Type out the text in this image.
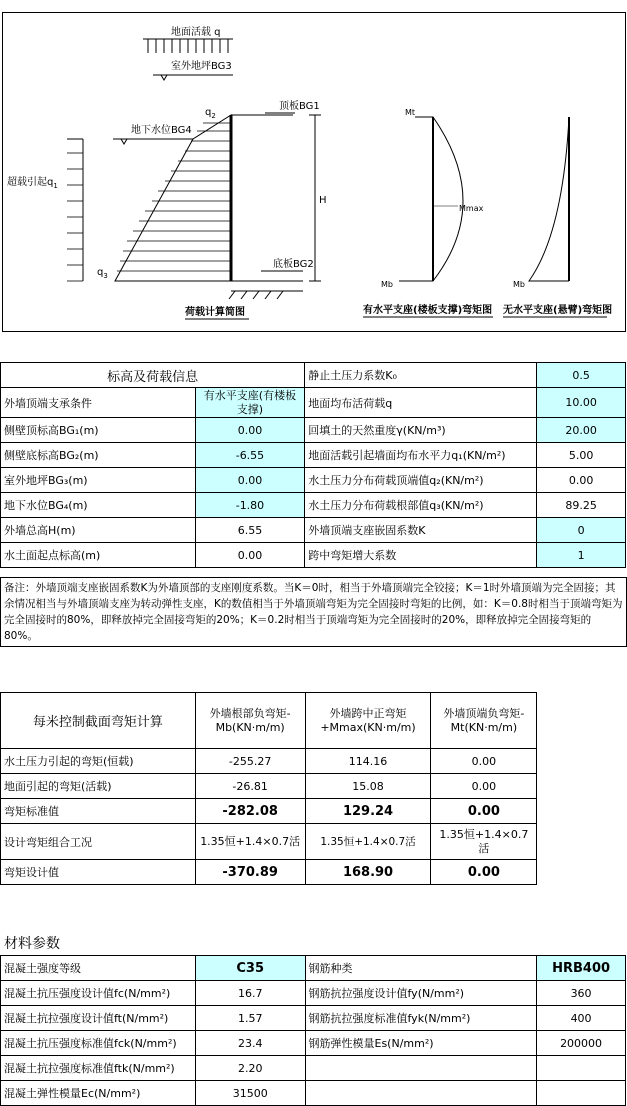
地面活载 q
室外地坪BG3
$q_2$
顶板BG1
地下水位BG4
超载引起$q_1$
$q_3$
H
底板BG2
荷载计算简图
Mt
Mmax
Mb
有水平支座(楼板支撑)弯矩图
Mb
无水平支座(悬臂)弯矩图
标高及荷载信息		静止土压力系数K₀	0.5
外墙顶端支承条件	有水平支座(有楼板支撑)	地面均布活荷载q	10.00
侧壁顶标高BG₁(m)	0.00	回填土的天然重度γ(KN/m³)	20.00
侧壁底标高BG₂(m)	-6.55	地面活载引起墙面均布水平力q₁(KN/m²)	5.00
室外地坪BG₃(m)	0.00	水土压力分布荷载顶端值q₂(KN/m²)	0.00
地下水位BG₄(m)	-1.80	水土压力分布荷载根部值q₃(KN/m²)	89.25
外墙总高H(m)	6.55	外墙顶端支座嵌固系数K	0
水土面起点标高(m)	0.00	跨中弯矩增大系数	1
备注：外墙顶端支座嵌固系数K为外墙顶部的支座刚度系数。当K＝0时，相当于外墙顶端完全铰接；K＝1时外墙顶端为完全固接；其余情况相当与外墙顶端支座为转动弹性支座，K的数值相当于外墙顶端弯矩为完全固接时弯矩的比例，如：K＝0.8时相当于顶端弯矩为完全固接时的80%，即释放掉完全固接弯矩的20%；K＝0.2时相当于顶端弯矩为完全固接时的20%，即释放掉完全固接弯矩的80%。
每米控制截面弯矩计算	外墙根部负弯矩-Mb(KN·m/m)	外墙跨中正弯矩+Mmax(KN·m/m)	外墙顶端负弯矩-Mt(KN·m/m)	
水土压力引起的弯矩(恒载)	-255.27	114.16	0.00	
地面引起的弯矩(活载)	-26.81	15.08	0.00	
弯矩标准值	-282.08	129.24	0.00	
设计弯矩组合工况	1.35恒+1.4×0.7活	1.35恒+1.4×0.7活	1.35恒+1.4×0.7活	
弯矩设计值	-370.89	168.90	0.00	
材料参数
混凝土强度等级	C35	钢筋种类	HRB400
混凝土抗压强度设计值fc(N/mm²)	16.7	钢筋抗拉强度设计值fy(N/mm²)	360
混凝土抗拉强度设计值ft(N/mm²)	1.57	钢筋抗拉强度标准值fyk(N/mm²)	400
混凝土抗压强度标准值fck(N/mm²)	23.4	钢筋弹性模量Es(N/mm²)	200000
混凝土抗拉强度标准值ftk(N/mm²)	2.20		
混凝土弹性模量Ec(N/mm²)	31500		
